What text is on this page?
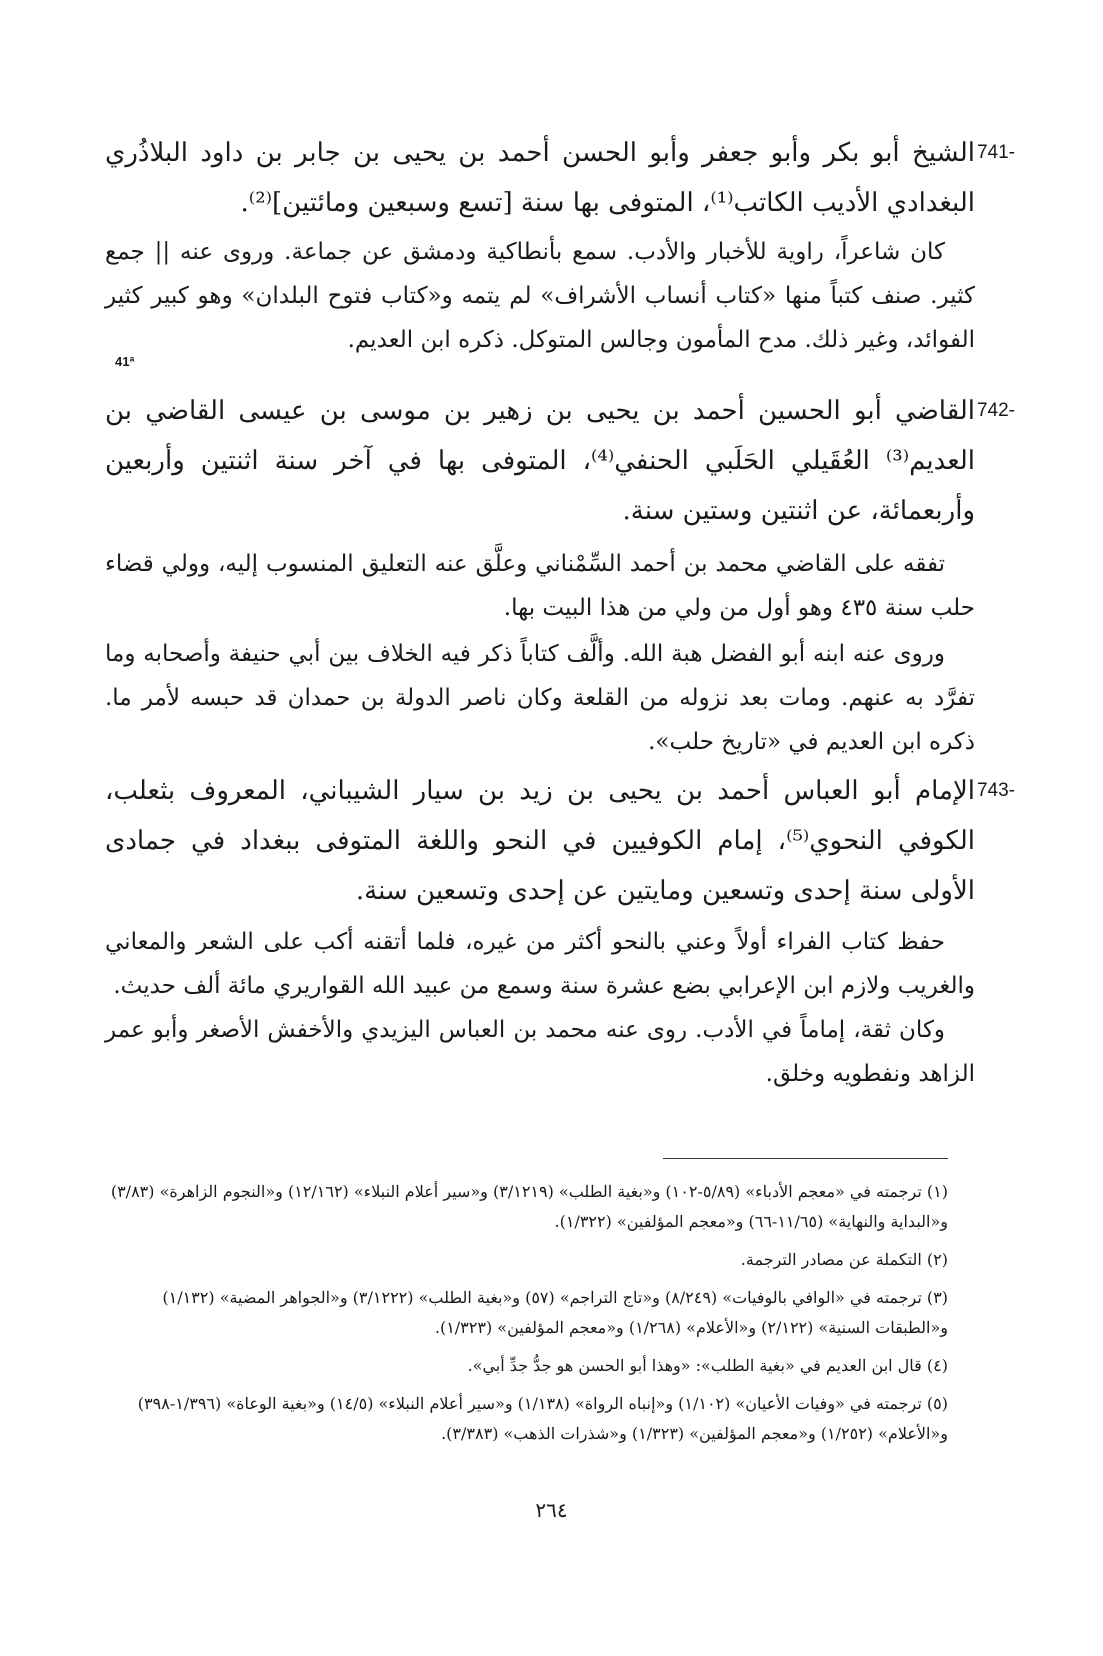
741-

الشيخ أبو بكر وأبو جعفر وأبو الحسن أحمد بن يحيى بن جابر بن داود البلاذُري البغدادي الأديب الكاتب⁽¹⁾، المتوفى بها سنة [تسع وسبعين ومائتين]⁽²⁾.

كان شاعراً، راوية للأخبار والأدب. سمع بأنطاكية ودمشق عن جماعة. وروى عنه || جمع كثير. صنف كتباً منها «كتاب أنساب الأشراف» لم يتمه و«كتاب فتوح البلدان» وهو كبير كثير الفوائد، وغير ذلك. مدح المأمون وجالس المتوكل. ذكره ابن العديم.

41ª
742-

القاضي أبو الحسين أحمد بن يحيى بن زهير بن موسى بن عيسى القاضي بن العديم⁽³⁾ العُقَيلي الحَلَبي الحنفي⁽⁴⁾، المتوفى بها في آخر سنة اثنتين وأربعين وأربعمائة، عن اثنتين وستين سنة.

تفقه على القاضي محمد بن أحمد السِّمْناني وعلَّق عنه التعليق المنسوب إليه، وولي قضاء حلب سنة ٤٣٥ وهو أول من ولي من هذا البيت بها.

وروى عنه ابنه أبو الفضل هبة الله. وألَّف كتاباً ذكر فيه الخلاف بين أبي حنيفة وأصحابه وما تفرَّد به عنهم. ومات بعد نزوله من القلعة وكان ناصر الدولة بن حمدان قد حبسه لأمر ما. ذكره ابن العديم في «تاريخ حلب».

743-

الإمام أبو العباس أحمد بن يحيى بن زيد بن سيار الشيباني، المعروف بثعلب، الكوفي النحوي⁽⁵⁾، إمام الكوفيين في النحو واللغة المتوفى ببغداد في جمادى الأولى سنة إحدى وتسعين ومايتين عن إحدى وتسعين سنة.

حفظ كتاب الفراء أولاً وعني بالنحو أكثر من غيره، فلما أتقنه أكب على الشعر والمعاني والغريب ولازم ابن الإعرابي بضع عشرة سنة وسمع من عبيد الله القواريري مائة ألف حديث.

وكان ثقة، إماماً في الأدب. روى عنه محمد بن العباس اليزيدي والأخفش الأصغر وأبو عمر الزاهد ونفطويه وخلق.

(١) ترجمته في «معجم الأدباء» (٥/٨٩-١٠٢) و«بغية الطلب» (٣/١٢١٩) و«سير أعلام النبلاء» (١٢/١٦٢) و«النجوم الزاهرة» (٣/٨٣) و«البداية والنهاية» (١١/٦٥-٦٦) و«معجم المؤلفين» (١/٣٢٢).

(٢) التكملة عن مصادر الترجمة.

(٣) ترجمته في «الوافي بالوفيات» (٨/٢٤٩) و«تاج التراجم» (٥٧) و«بغية الطلب» (٣/١٢٢٢) و«الجواهر المضية» (١/١٣٢) و«الطبقات السنية» (٢/١٢٢) و«الأعلام» (١/٢٦٨) و«معجم المؤلفين» (١/٣٢٣).

(٤) قال ابن العديم في «بغية الطلب»: «وهذا أبو الحسن هو جدُّ جدِّ أبي».

(٥) ترجمته في «وفيات الأعيان» (١/١٠٢) و«إنباه الرواة» (١/١٣٨) و«سير أعلام النبلاء» (١٤/٥) و«بغية الوعاة» (١/٣٩٦-٣٩٨) و«الأعلام» (١/٢٥٢) و«معجم المؤلفين» (١/٣٢٣) و«شذرات الذهب» (٣/٣٨٣).

٢٦٤
